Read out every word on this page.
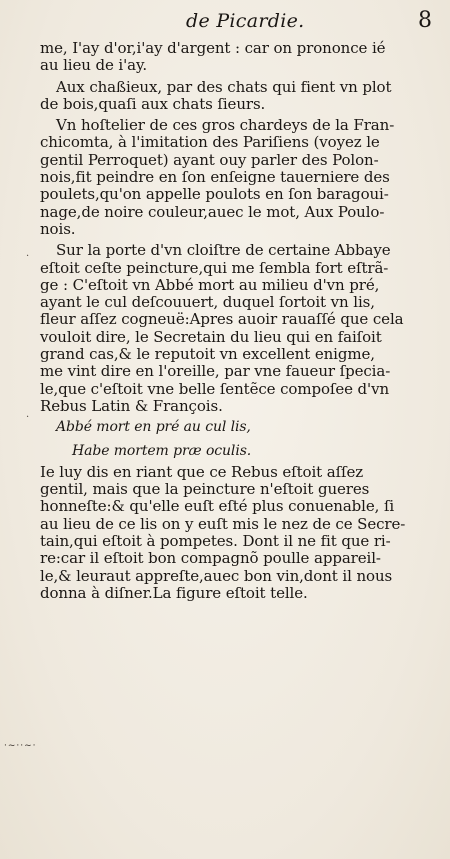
de Picardie.	8
me, I'ay d'or,i'ay d'argent : car on prononce ié
au lieu de i'ay.
Aux chaßieux, par des chats qui fient vn plot
de bois,quaſi aux chats ſieurs.
Vn hoſtelier de ces gros chardeys de la Fran-
chicomta, à l'imitation des Pariſiens (voyez le
gentil Perroquet) ayant ouy parler des Polon-
nois,fit peindre en ſon enſeigne tauerniere des
poulets,qu'on appelle poulots en ſon baragoui-
nage,de noire couleur,auec le mot, Aux Poulo-
nois.
Sur la porte d'vn cloiſtre de certaine Abbaye
eſtoit ceſte peincture,qui me ſembla fort eſtrã-
ge : C'eſtoit vn Abbé mort au milieu d'vn pré,
ayant le cul deſcouuert, duquel ſortoit vn lis,
fleur aſſez cogneuë:Apres auoir rauaſſé que cela
vouloit dire, le Secretain du lieu qui en faiſoit
grand cas,& le reputoit vn excellent enigme,
me vint dire en l'oreille, par vne faueur ſpecia-
le,que c'eſtoit vne belle ſentẽce compoſee d'vn
Rebus Latin & François.
Abbé mort en pré au cul lis,
Habe mortem præ oculis.
Ie luy dis en riant que ce Rebus eſtoit aſſez
gentil, mais que la peincture n'eſtoit gueres
honneſte:& qu'elle euſt eſté plus conuenable, ſi
au lieu de ce lis on y euſt mis le nez de ce Secre-
tain,qui eſtoit à pompetes. Dont il ne fit que ri-
re:car il eſtoit bon compagnõ poulle appareil-
le,& leuraut appreſte,auec bon vin,dont il nous
donna à diſner.La figure eſtoit telle.
·
·
·~··~·
